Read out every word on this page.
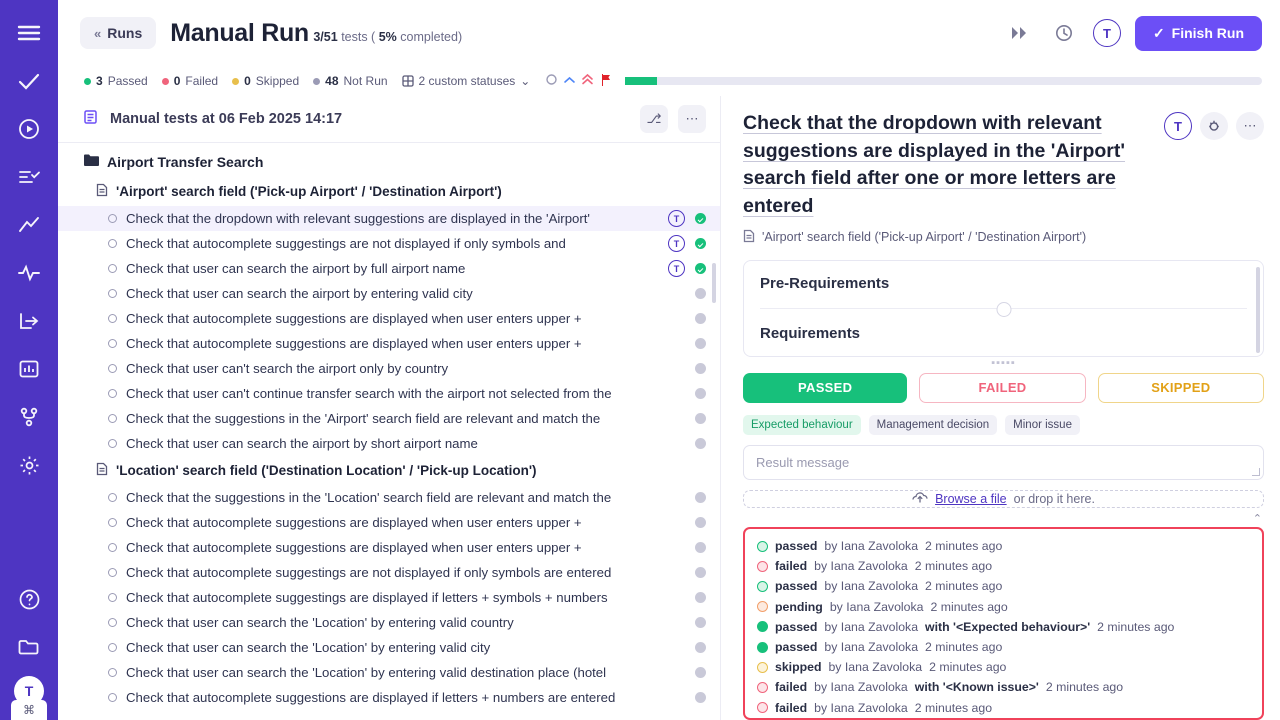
T
⌘
« Runs Manual Run 3/51 tests ( 5% completed)	T	✓ Finish Run
3 Passed 0 Failed 0 Skipped 48 Not Run	2 custom statuses ⌄
Manual tests at 06 Feb 2025 14:17	⎇	⋯
Airport Transfer Search
'Airport' search field ('Pick-up Airport' / 'Destination Airport')
Check that the dropdown with relevant suggestions are displayed in the 'Airport'	T
Check that autocomplete suggestings are not displayed if only symbols and	T
Check that user can search the airport by full airport name	T
Check that user can search the airport by entering valid city
Check that autocomplete suggestions are displayed when user enters upper +
Check that autocomplete suggestions are displayed when user enters upper +
Check that user can't search the airport only by country
Check that user can't continue transfer search with the airport not selected from the
Check that the suggestions in the 'Airport' search field are relevant and match the
Check that user can search the airport by short airport name
'Location' search field ('Destination Location' / 'Pick-up Location')
Check that the suggestions in the 'Location' search field are relevant and match the
Check that autocomplete suggestions are displayed when user enters upper +
Check that autocomplete suggestions are displayed when user enters upper +
Check that autocomplete suggestings are not displayed if only symbols are entered
Check that autocomplete suggestings are displayed if letters + symbols + numbers
Check that user can search the 'Location' by entering valid country
Check that user can search the 'Location' by entering valid city
Check that user can search the 'Location' by entering valid destination place (hotel
Check that autocomplete suggestions are displayed if letters + numbers are entered
Check that the dropdown with relevant suggestions are displayed in the 'Airport' search field after one or more letters are entered
T	⋯
'Airport' search field ('Pick-up Airport' / 'Destination Airport')
Pre-Requirements
Requirements
▪▪▪▪▪
PASSED	FAILED	SKIPPED
Expected behaviour	Management decision	Minor issue
Result message
Browse a file or drop it here.
⌃
passed by Iana Zavoloka 2 minutes ago
failed by Iana Zavoloka 2 minutes ago
passed by Iana Zavoloka 2 minutes ago
pending by Iana Zavoloka 2 minutes ago
passed by Iana Zavoloka with '<Expected behaviour>' 2 minutes ago
passed by Iana Zavoloka 2 minutes ago
skipped by Iana Zavoloka 2 minutes ago
failed by Iana Zavoloka with '<Known issue>' 2 minutes ago
failed by Iana Zavoloka 2 minutes ago
